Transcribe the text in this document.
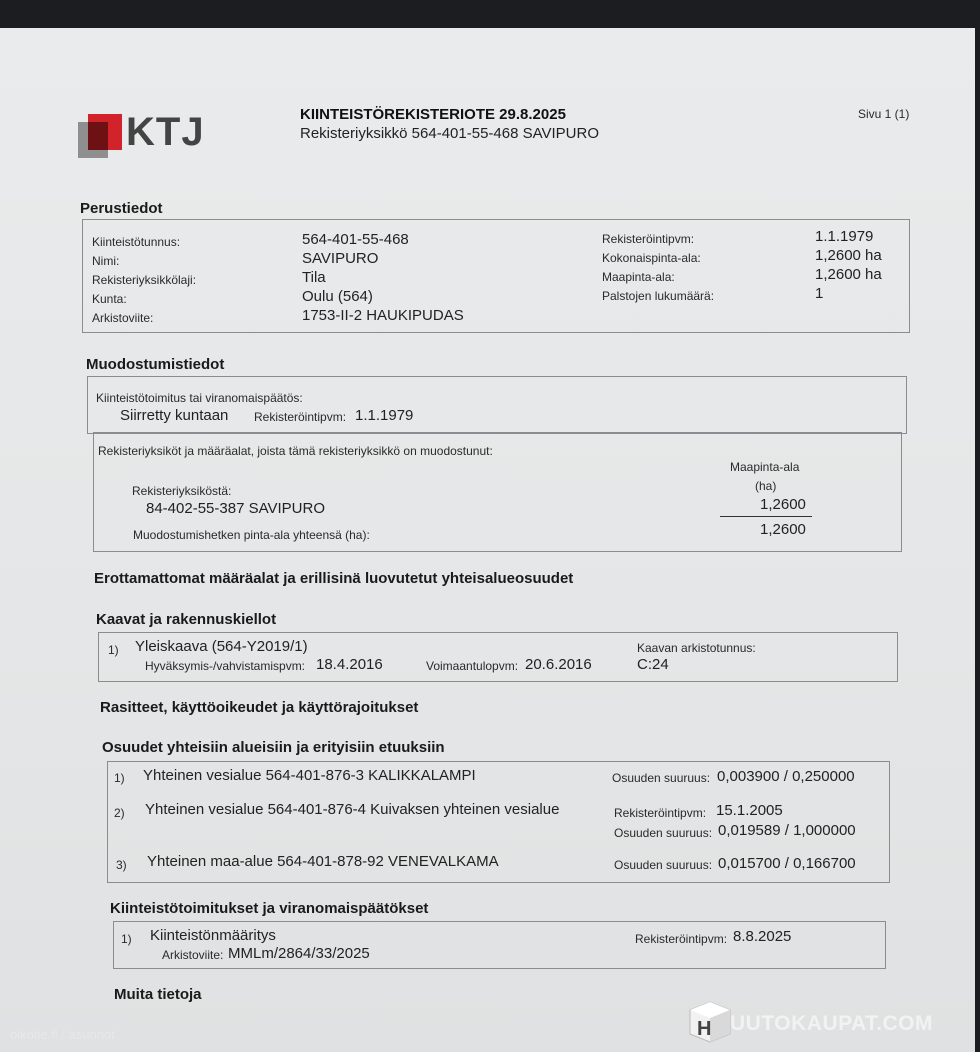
KTJ	KIINTEISTÖREKISTERIOTE 29.8.2025
Rekisteriyksikkö 564-401-55-468 SAVIPURO
Sivu 1 (1)
Perustiedot
Kiinteistötunnus:	564-401-55-468
Nimi:	SAVIPURO
Rekisteriyksikkölaji:	Tila
Kunta:	Oulu (564)
Arkistoviite:	1753-II-2 HAUKIPUDAS
Rekisteröintipvm:	1.1.1979
Kokonaispinta-ala:	1,2600 ha
Maapinta-ala:	1,2600 ha
Palstojen lukumäärä:	1
Muodostumistiedot
Kiinteistötoimitus tai viranomaispäätös:
Siirretty kuntaan Rekisteröintipvm: 1.1.1979
Rekisteriyksiköt ja määräalat, joista tämä rekisteriyksikkö on muodostunut:
Maapinta-ala
(ha)
Rekisteriyksiköstä:
84-402-55-387 SAVIPURO	1,2600
Muodostumishetken pinta-ala yhteensä (ha):	1,2600
Erottamattomat määräalat ja erillisinä luovutetut yhteisalueosuudet
Kaavat ja rakennuskiellot
1) Yleiskaava (564-Y2019/1)
Hyväksymis-/vahvistamispvm: 18.4.2016	Voimaantulopvm: 20.6.2016
Kaavan arkistotunnus:
C:24
Rasitteet, käyttöoikeudet ja käyttörajoitukset
Osuudet yhteisiin alueisiin ja erityisiin etuuksiin
1) Yhteinen vesialue 564-401-876-3 KALIKKALAMPI	Osuuden suuruus: 0,003900 / 0,250000
2) Yhteinen vesialue 564-401-876-4 Kuivaksen yhteinen vesialue	Rekisteröintipvm: 15.1.2005
Osuuden suuruus: 0,019589 / 1,000000
3) Yhteinen maa-alue 564-401-878-92 VENEVALKAMA	Osuuden suuruus: 0,015700 / 0,166700
Kiinteistötoimitukset ja viranomaispäätökset
1) Kiinteistönmääritys	Rekisteröintipvm: 8.8.2025
Arkistoviite: MMLm/2864/33/2025
Muita tietoja
oikotie.fi / asunnot	H UUTOKAUPAT.COM
